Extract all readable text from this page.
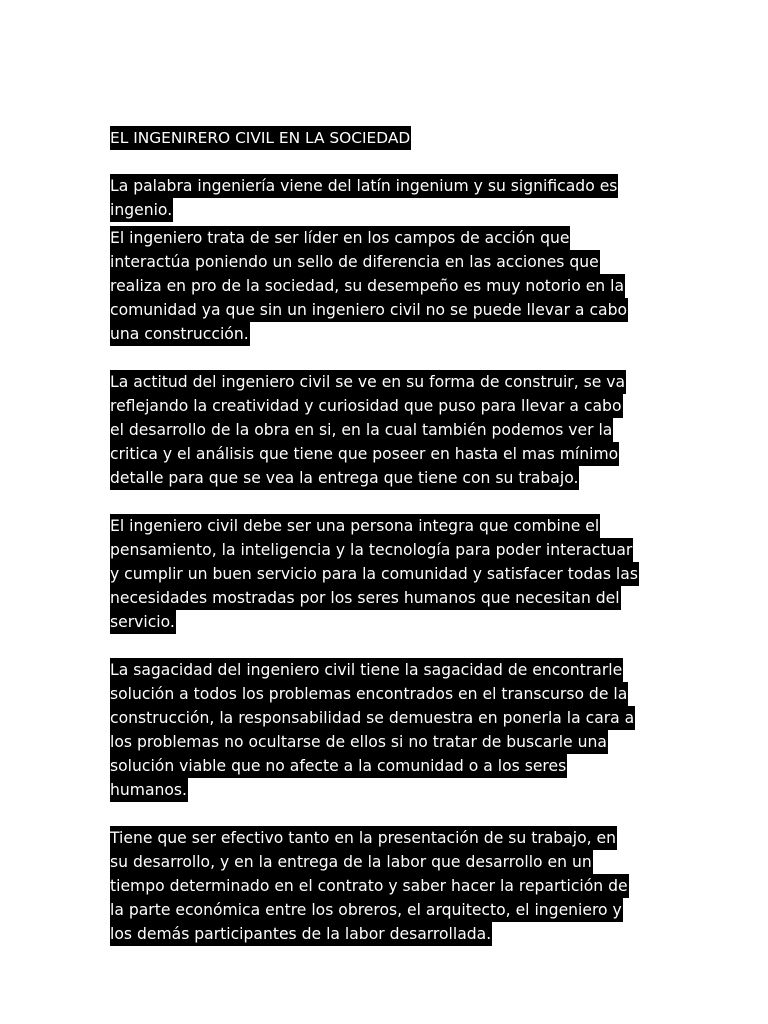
EL INGENIRERO CIVIL EN LA SOCIEDAD
La palabra ingeniería viene del latín ingenium y su significado es
ingenio.
El ingeniero trata de ser líder en los campos de acción que
interactúa poniendo un sello de diferencia en las acciones que
realiza en pro de la sociedad, su desempeño es muy notorio en la
comunidad ya que sin un ingeniero civil no se puede llevar a cabo
una construcción.
La actitud del ingeniero civil se ve en su forma de construir, se va
reflejando la creatividad y curiosidad que puso para llevar a cabo
el desarrollo de la obra en si, en la cual también podemos ver la
critica y el análisis que tiene que poseer en hasta el mas mínimo
detalle para que se vea la entrega que tiene con su trabajo.
El ingeniero civil debe ser una persona integra que combine el
pensamiento, la inteligencia y la tecnología para poder interactuar
y cumplir un buen servicio para la comunidad y satisfacer todas las
necesidades mostradas por los seres humanos que necesitan del
servicio.
La sagacidad del ingeniero civil tiene la sagacidad de encontrarle
solución a todos los problemas encontrados en el transcurso de la
construcción, la responsabilidad se demuestra en ponerla la cara a
los problemas no ocultarse de ellos si no tratar de buscarle una
solución viable que no afecte a la comunidad o a los seres
humanos.
Tiene que ser efectivo tanto en la presentación de su trabajo, en
su desarrollo, y en la entrega de la labor que desarrollo en un
tiempo determinado en el contrato y saber hacer la repartición de
la parte económica entre los obreros, el arquitecto, el ingeniero y
los demás participantes de la labor desarrollada.
